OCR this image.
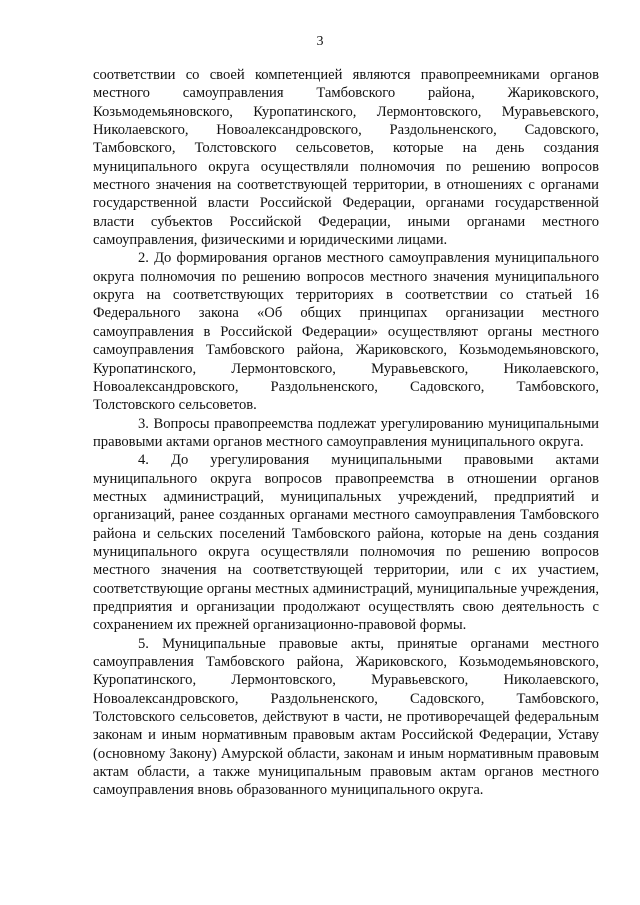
3

соответствии со своей компетенцией являются правопреемниками органов местного самоуправления Тамбовского района, Жариковского, Козьмодемьяновского, Куропатинского, Лермонтовского, Муравьевского, Николаевского, Новоалександровского, Раздольненского, Садовского, Тамбовского, Толстовского сельсоветов, которые на день создания муниципального округа осуществляли полномочия по решению вопросов местного значения на соответствующей территории, в отношениях с органами государственной власти Российской Федерации, органами государственной власти субъектов Российской Федерации, иными органами местного самоуправления, физическими и юридическими лицами.

2. До формирования органов местного самоуправления муниципального округа полномочия по решению вопросов местного значения муниципального округа на соответствующих территориях в соответствии со статьей 16 Федерального закона «Об общих принципах организации местного самоуправления в Российской Федерации» осуществляют органы местного самоуправления Тамбовского района, Жариковского, Козьмодемьяновского, Куропатинского, Лермонтовского, Муравьевского, Николаевского, Новоалександровского, Раздольненского, Садовского, Тамбовского, Толстовского сельсоветов.

3. Вопросы правопреемства подлежат урегулированию муниципальными правовыми актами органов местного самоуправления муниципального округа.

4. До урегулирования муниципальными правовыми актами муниципального округа вопросов правопреемства в отношении органов местных администраций, муниципальных учреждений, предприятий и организаций, ранее созданных органами местного самоуправления Тамбовского района и сельских поселений Тамбовского района, которые на день создания муниципального округа осуществляли полномочия по решению вопросов местного значения на соответствующей территории, или с их участием, соответствующие органы местных администраций, муниципальные учреждения, предприятия и организации продолжают осуществлять свою деятельность с сохранением их прежней организационно-правовой формы.

5. Муниципальные правовые акты, принятые органами местного самоуправления Тамбовского района, Жариковского, Козьмодемьяновского, Куропатинского, Лермонтовского, Муравьевского, Николаевского, Новоалександровского, Раздольненского, Садовского, Тамбовского, Толстовского сельсоветов, действуют в части, не противоречащей федеральным законам и иным нормативным правовым актам Российской Федерации, Уставу (основному Закону) Амурской области, законам и иным нормативным правовым актам области, а также муниципальным правовым актам органов местного самоуправления вновь образованного муниципального округа.
